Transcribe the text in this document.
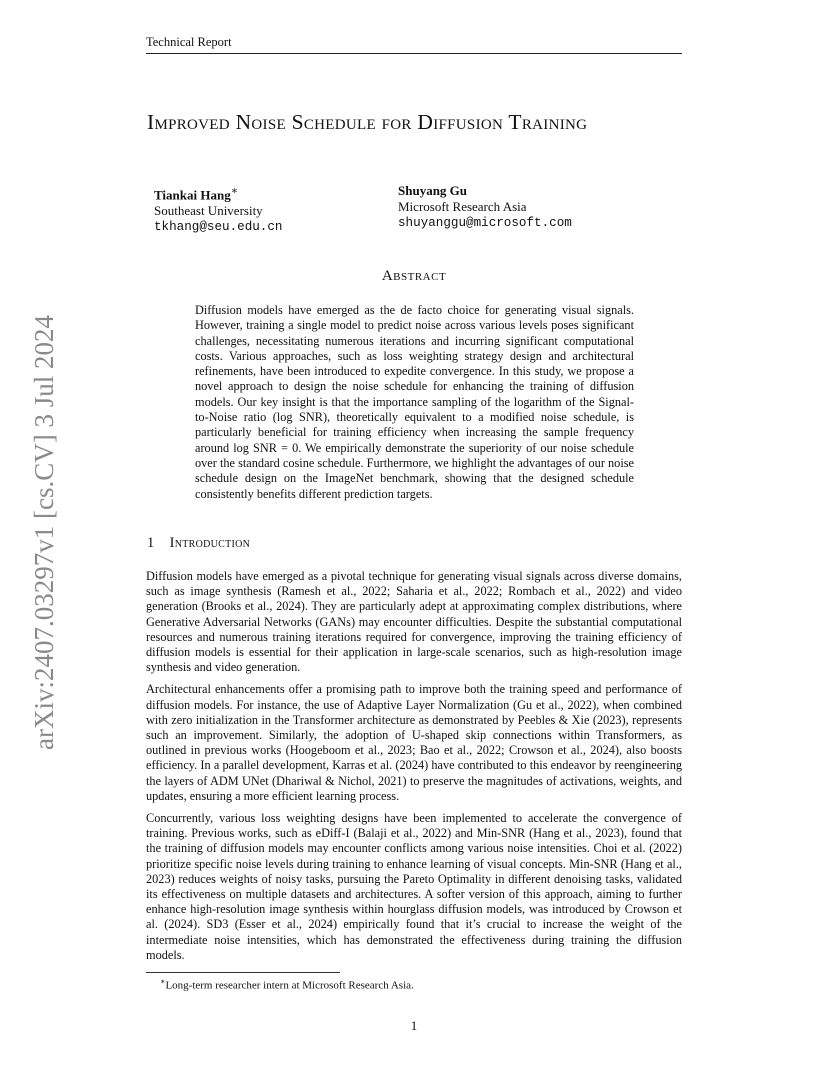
Technical Report
arXiv:2407.03297v1 [cs.CV] 3 Jul 2024
Improved Noise Schedule for Diffusion Training
Tiankai Hang∗
Southeast University
tkhang@seu.edu.cn
Shuyang Gu
Microsoft Research Asia
shuyanggu@microsoft.com
Abstract
Diffusion models have emerged as the de facto choice for generating visual signals. However, training a single model to predict noise across various levels poses significant challenges, necessitating numerous iterations and incurring significant computational costs. Various approaches, such as loss weighting strategy design and architectural refinements, have been introduced to expedite convergence. In this study, we propose a novel approach to design the noise schedule for enhancing the training of diffusion models. Our key insight is that the importance sampling of the logarithm of the Signal-to-Noise ratio (log SNR), theoretically equivalent to a modified noise schedule, is particularly beneficial for training efficiency when increasing the sample frequency around log SNR = 0. We empirically demonstrate the superiority of our noise schedule over the standard cosine schedule. Furthermore, we highlight the advantages of our noise schedule design on the ImageNet benchmark, showing that the designed schedule consistently benefits different prediction targets.
1 Introduction

Diffusion models have emerged as a pivotal technique for generating visual signals across diverse domains, such as image synthesis (Ramesh et al., 2022; Saharia et al., 2022; Rombach et al., 2022) and video generation (Brooks et al., 2024). They are particularly adept at approximating complex distributions, where Generative Adversarial Networks (GANs) may encounter difficulties. Despite the substantial computational resources and numerous training iterations required for convergence, improving the training efficiency of diffusion models is essential for their application in large-scale scenarios, such as high-resolution image synthesis and video generation.

Architectural enhancements offer a promising path to improve both the training speed and performance of diffusion models. For instance, the use of Adaptive Layer Normalization (Gu et al., 2022), when combined with zero initialization in the Transformer architecture as demonstrated by Peebles & Xie (2023), represents such an improvement. Similarly, the adoption of U-shaped skip connections within Transformers, as outlined in previous works (Hoogeboom et al., 2023; Bao et al., 2022; Crowson et al., 2024), also boosts efficiency. In a parallel development, Karras et al. (2024) have contributed to this endeavor by reengineering the layers of ADM UNet (Dhariwal & Nichol, 2021) to preserve the magnitudes of activations, weights, and updates, ensuring a more efficient learning process.

Concurrently, various loss weighting designs have been implemented to accelerate the convergence of training. Previous works, such as eDiff-I (Balaji et al., 2022) and Min-SNR (Hang et al., 2023), found that the training of diffusion models may encounter conflicts among various noise intensities. Choi et al. (2022) prioritize specific noise levels during training to enhance learning of visual concepts. Min-SNR (Hang et al., 2023) reduces weights of noisy tasks, pursuing the Pareto Optimality in different denoising tasks, validated its effectiveness on multiple datasets and architectures. A softer version of this approach, aiming to further enhance high-resolution image synthesis within hourglass diffusion models, was introduced by Crowson et al. (2024). SD3 (Esser et al., 2024) empirically found that it’s crucial to increase the weight of the intermediate noise intensities, which has demonstrated the effectiveness during training the diffusion models.

∗Long-term researcher intern at Microsoft Research Asia.
1
